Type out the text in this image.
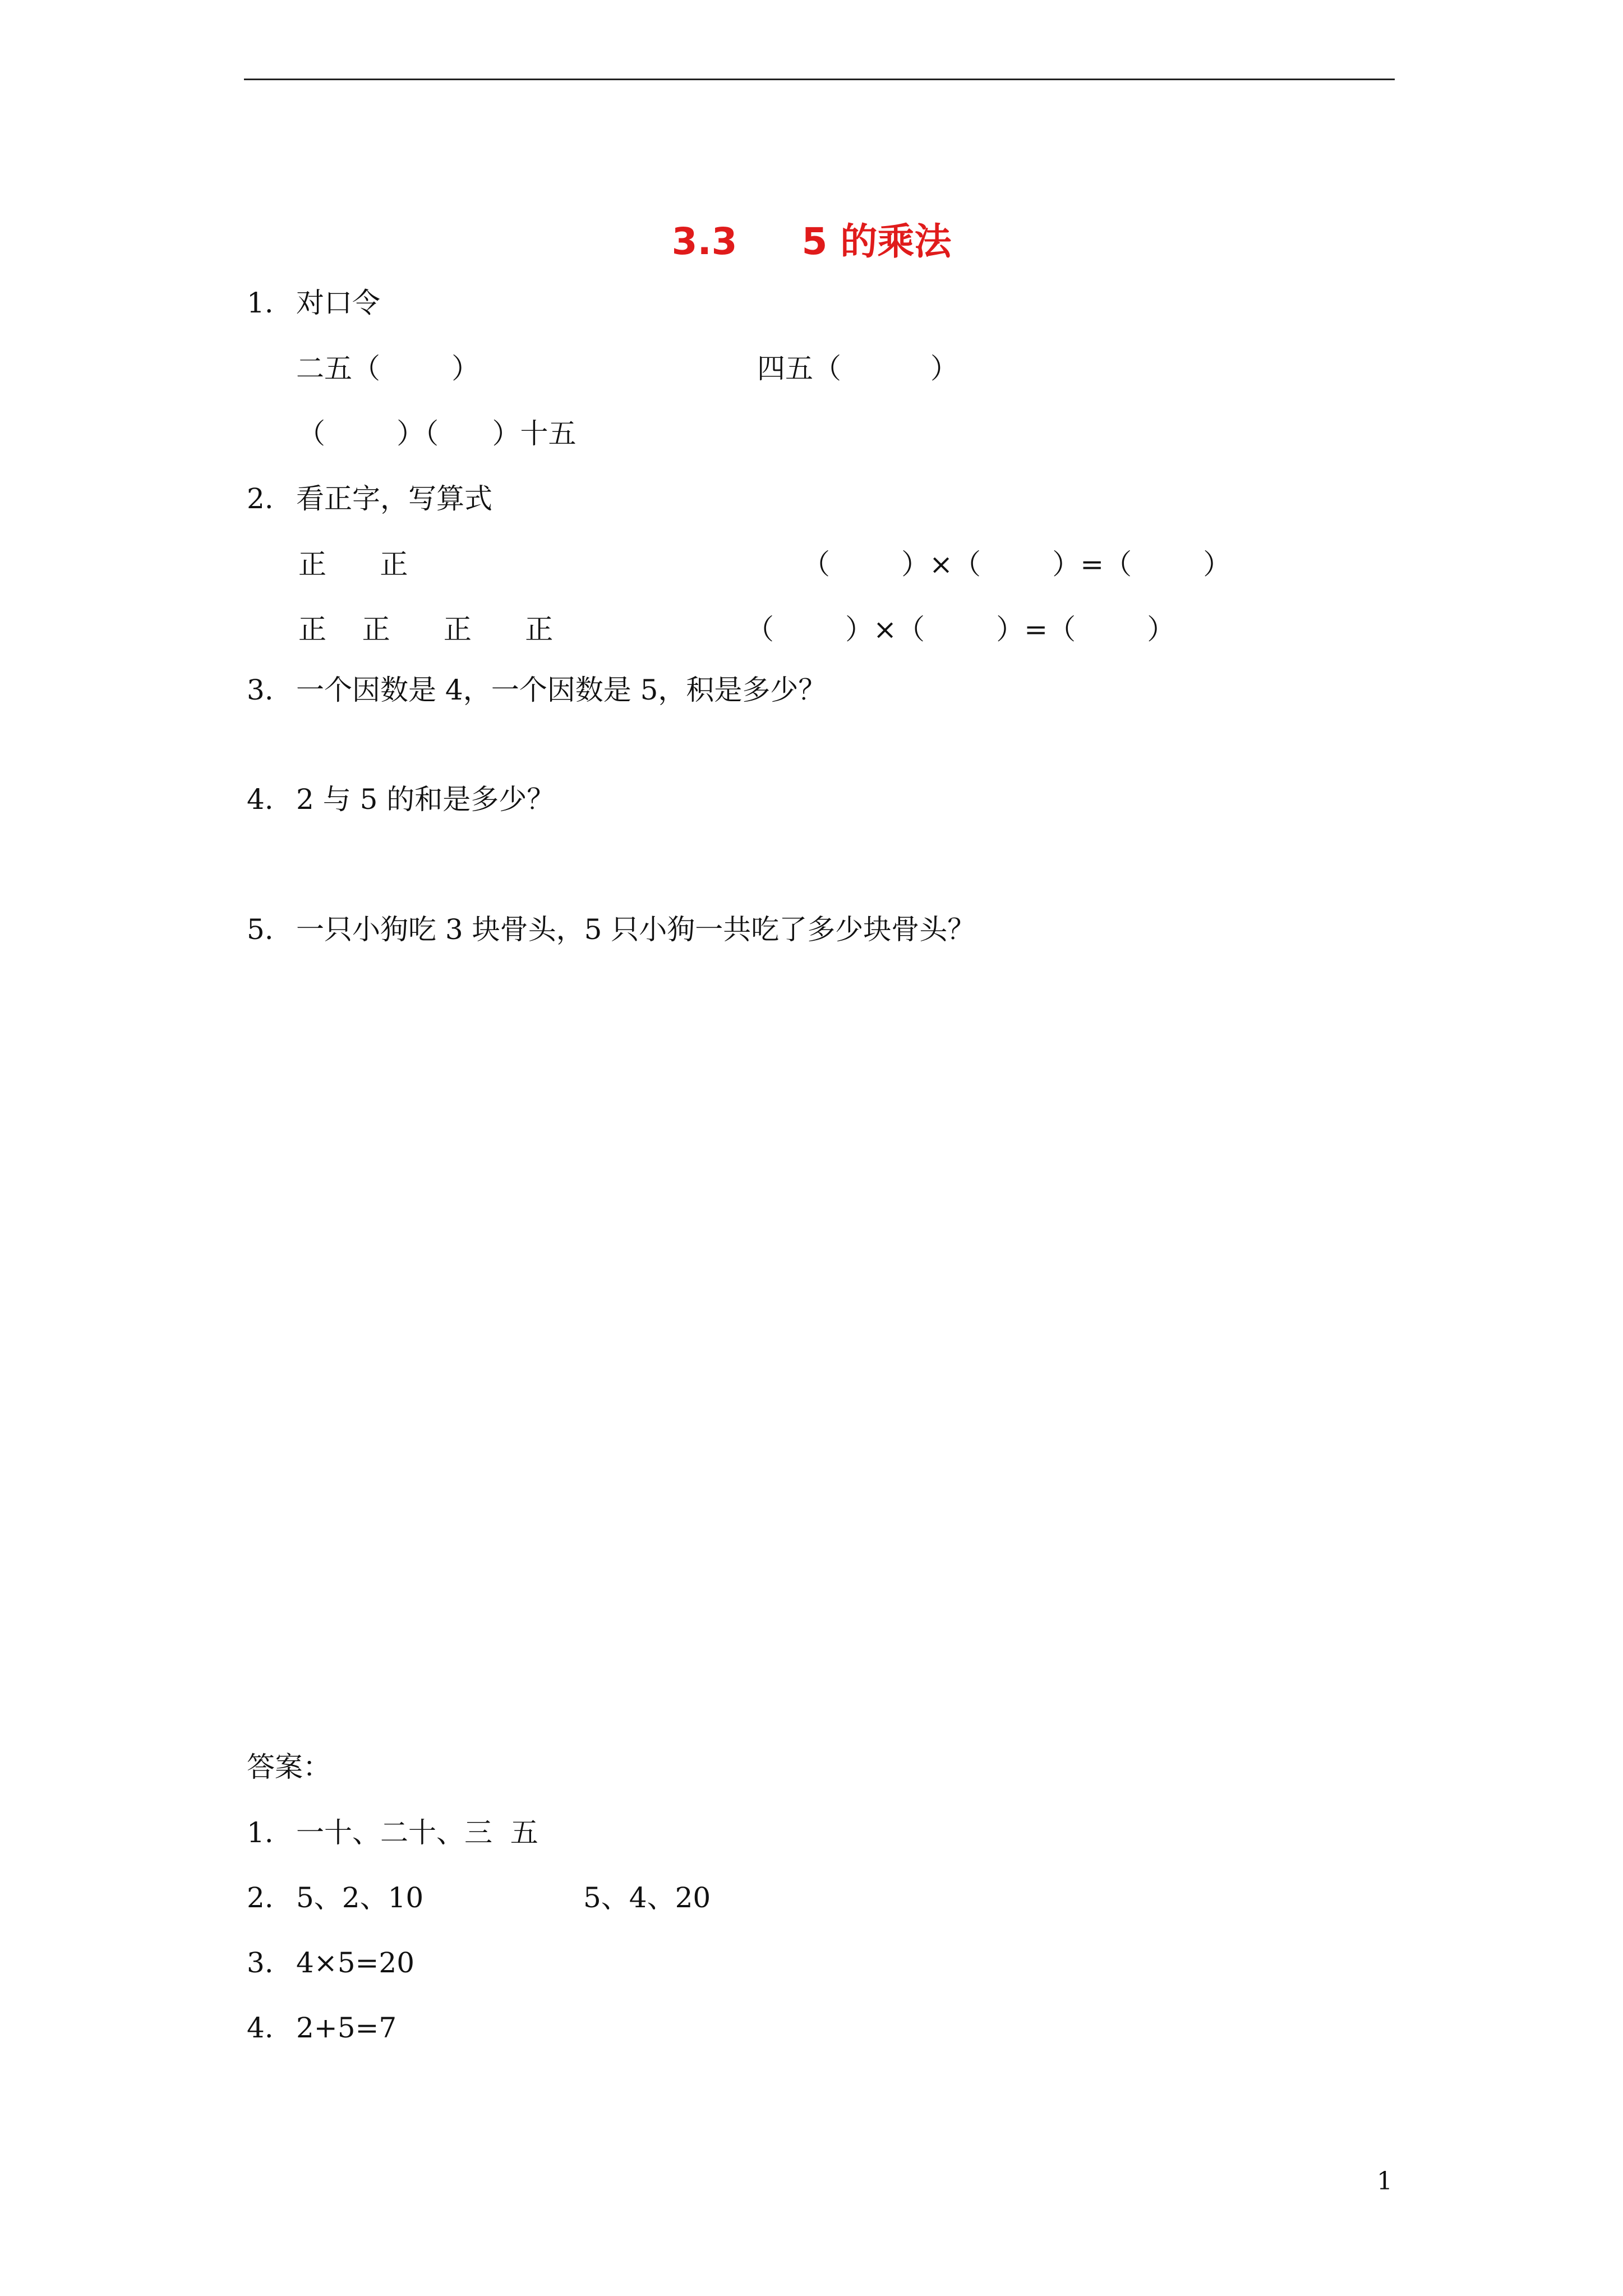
3.3     5 的乘法
1. 对口令
二五（        ）	四五（          ）
（        ）（      ）十五
2. 看正字，写算式
正      正	（        ）×（        ）=（        ）
正    正      正      正	（        ）×（        ）=（        ）
3. 一个因数是 4，一个因数是 5，积是多少？
4. 2 与 5 的和是多少？
5. 一只小狗吃 3 块骨头，5 只小狗一共吃了多少块骨头？
答案：
1. 一十、二十、三  五
2. 5、2、10	5、4、20
3. 4×5=20
4. 2+5=7
1
